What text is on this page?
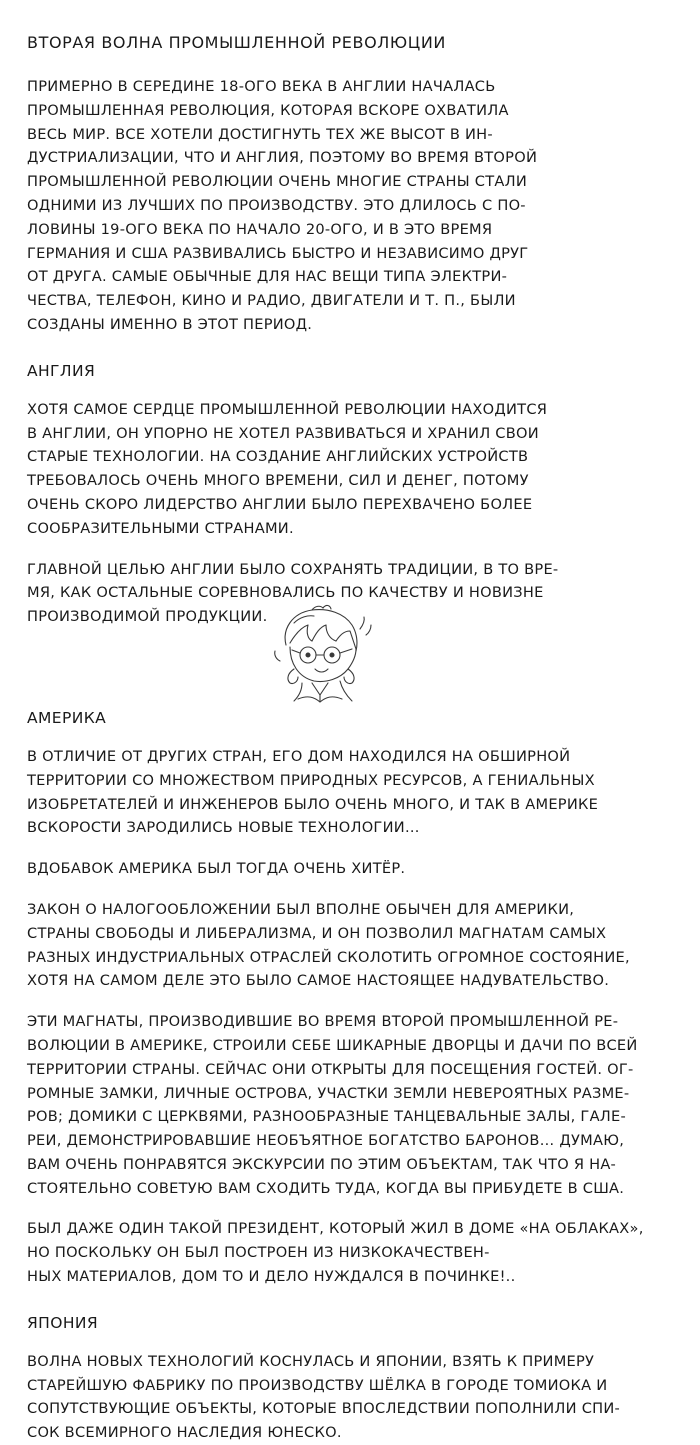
ВТОРАЯ ВОЛНА ПРОМЫШЛЕННОЙ РЕВОЛЮЦИИ

ПРИМЕРНО В СЕРЕДИНЕ 18-ОГО ВЕКА В АНГЛИИ НАЧАЛАСЬ
ПРОМЫШЛЕННАЯ РЕВОЛЮЦИЯ, КОТОРАЯ ВСКОРЕ ОХВАТИЛА
ВЕСЬ МИР. ВСЕ ХОТЕЛИ ДОСТИГНУТЬ ТЕХ ЖЕ ВЫСОТ В ИН-
ДУСТРИАЛИЗАЦИИ, ЧТО И АНГЛИЯ, ПОЭТОМУ ВО ВРЕМЯ ВТОРОЙ
ПРОМЫШЛЕННОЙ РЕВОЛЮЦИИ ОЧЕНЬ МНОГИЕ СТРАНЫ СТАЛИ
ОДНИМИ ИЗ ЛУЧШИХ ПО ПРОИЗВОДСТВУ. ЭТО ДЛИЛОСЬ С ПО-
ЛОВИНЫ 19-ОГО ВЕКА ПО НАЧАЛО 20-ОГО, И В ЭТО ВРЕМЯ
ГЕРМАНИЯ И США РАЗВИВАЛИСЬ БЫСТРО И НЕЗАВИСИМО ДРУГ
ОТ ДРУГА. САМЫЕ ОБЫЧНЫЕ ДЛЯ НАС ВЕЩИ ТИПА ЭЛЕКТРИ-
ЧЕСТВА, ТЕЛЕФОН, КИНО И РАДИО, ДВИГАТЕЛИ И Т. П., БЫЛИ
СОЗДАНЫ ИМЕННО В ЭТОТ ПЕРИОД.

АНГЛИЯ

ХОТЯ САМОЕ СЕРДЦЕ ПРОМЫШЛЕННОЙ РЕВОЛЮЦИИ НАХОДИТСЯ
В АНГЛИИ, ОН УПОРНО НЕ ХОТЕЛ РАЗВИВАТЬСЯ И ХРАНИЛ СВОИ
СТАРЫЕ ТЕХНОЛОГИИ. НА СОЗДАНИЕ АНГЛИЙСКИХ УСТРОЙСТВ
ТРЕБОВАЛОСЬ ОЧЕНЬ МНОГО ВРЕМЕНИ, СИЛ И ДЕНЕГ, ПОТОМУ
ОЧЕНЬ СКОРО ЛИДЕРСТВО АНГЛИИ БЫЛО ПЕРЕХВАЧЕНО БОЛЕЕ
СООБРАЗИТЕЛЬНЫМИ СТРАНАМИ.

ГЛАВНОЙ ЦЕЛЬЮ АНГЛИИ БЫЛО СОХРАНЯТЬ ТРАДИЦИИ, В ТО ВРЕ-
МЯ, КАК ОСТАЛЬНЫЕ СОРЕВНОВАЛИСЬ ПО КАЧЕСТВУ И НОВИЗНЕ
ПРОИЗВОДИМОЙ ПРОДУКЦИИ.

АМЕРИКА

В ОТЛИЧИЕ ОТ ДРУГИХ СТРАН, ЕГО ДОМ НАХОДИЛСЯ НА ОБШИРНОЙ
ТЕРРИТОРИИ СО МНОЖЕСТВОМ ПРИРОДНЫХ РЕСУРСОВ, А ГЕНИАЛЬНЫХ
ИЗОБРЕТАТЕЛЕЙ И ИНЖЕНЕРОВ БЫЛО ОЧЕНЬ МНОГО, И ТАК В АМЕРИКЕ
ВСКОРОСТИ ЗАРОДИЛИСЬ НОВЫЕ ТЕХНОЛОГИИ…

ВДОБАВОК АМЕРИКА БЫЛ ТОГДА ОЧЕНЬ ХИТЁР.

ЗАКОН О НАЛОГООБЛОЖЕНИИ БЫЛ ВПОЛНЕ ОБЫЧЕН ДЛЯ АМЕРИКИ,
СТРАНЫ СВОБОДЫ И ЛИБЕРАЛИЗМА, И ОН ПОЗВОЛИЛ МАГНАТАМ САМЫХ
РАЗНЫХ ИНДУСТРИАЛЬНЫХ ОТРАСЛЕЙ СКОЛОТИТЬ ОГРОМНОЕ СОСТОЯНИЕ,
ХОТЯ НА САМОМ ДЕЛЕ ЭТО БЫЛО САМОЕ НАСТОЯЩЕЕ НАДУВАТЕЛЬСТВО.

ЭТИ МАГНАТЫ, ПРОИЗВОДИВШИЕ ВО ВРЕМЯ ВТОРОЙ ПРОМЫШЛЕННОЙ РЕ-
ВОЛЮЦИИ В АМЕРИКЕ, СТРОИЛИ СЕБЕ ШИКАРНЫЕ ДВОРЦЫ И ДАЧИ ПО ВСЕЙ
ТЕРРИТОРИИ СТРАНЫ. СЕЙЧАС ОНИ ОТКРЫТЫ ДЛЯ ПОСЕЩЕНИЯ ГОСТЕЙ. ОГ-
РОМНЫЕ ЗАМКИ, ЛИЧНЫЕ ОСТРОВА, УЧАСТКИ ЗЕМЛИ НЕВЕРОЯТНЫХ РАЗМЕ-
РОВ; ДОМИКИ С ЦЕРКВЯМИ, РАЗНООБРАЗНЫЕ ТАНЦЕВАЛЬНЫЕ ЗАЛЫ, ГАЛЕ-
РЕИ, ДЕМОНСТРИРОВАВШИЕ НЕОБЪЯТНОЕ БОГАТСТВО БАРОНОВ… ДУМАЮ,
ВАМ ОЧЕНЬ ПОНРАВЯТСЯ ЭКСКУРСИИ ПО ЭТИМ ОБЪЕКТАМ, ТАК ЧТО Я НА-
СТОЯТЕЛЬНО СОВЕТУЮ ВАМ СХОДИТЬ ТУДА, КОГДА ВЫ ПРИБУДЕТЕ В США.

БЫЛ ДАЖЕ ОДИН ТАКОЙ ПРЕЗИДЕНТ, КОТОРЫЙ ЖИЛ В ДОМЕ «НА ОБЛАКАХ»,
НО ПОСКОЛЬКУ ОН БЫЛ ПОСТРОЕН ИЗ НИЗКОКАЧЕСТВЕН-
НЫХ МАТЕРИАЛОВ, ДОМ ТО И ДЕЛО НУЖДАЛСЯ В ПОЧИНКЕ!..

ЯПОНИЯ

ВОЛНА НОВЫХ ТЕХНОЛОГИЙ КОСНУЛАСЬ И ЯПОНИИ, ВЗЯТЬ К ПРИМЕРУ
СТАРЕЙШУЮ ФАБРИКУ ПО ПРОИЗВОДСТВУ ШЁЛКА В ГОРОДЕ ТОМИОКА И
СОПУТСТВУЮЩИЕ ОБЪЕКТЫ, КОТОРЫЕ ВПОСЛЕДСТВИИ ПОПОЛНИЛИ СПИ-
СОК ВСЕМИРНОГО НАСЛЕДИЯ ЮНЕСКО.
